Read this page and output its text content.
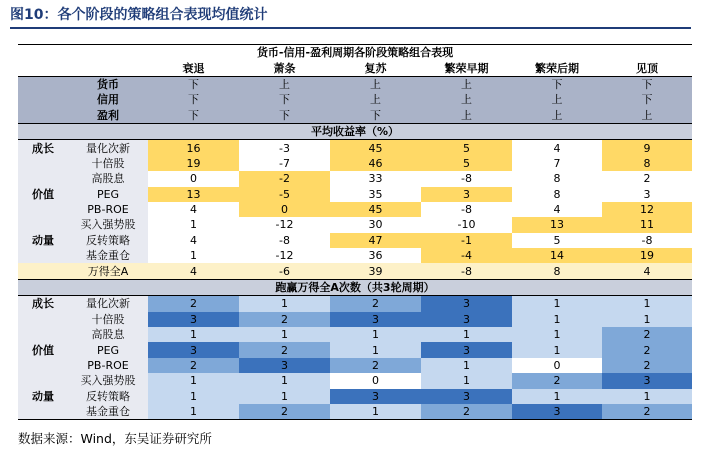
图10：各个阶段的策略组合表现均值统计
货币-信用-盈利周期各阶段策略组合表现							
		衰退	萧条	复苏	繁荣早期	繁荣后期	见顶
	货币	下	上	上	上	下	下
	信用	下	下	上	上	上	下
	盈利	下	下	下	上	上	上
平均收益率（%）							
成长	量化次新	16	-3	45	5	4	9
	十倍股	19	-7	46	5	7	8
	高股息	0	-2	33	-8	8	2
价值	PEG	13	-5	35	3	8	3
	PB-ROE	4	0	45	-8	4	12
	买入强势股	1	-12	30	-10	13	11
动量	反转策略	4	-8	47	-1	5	-8
	基金重仓	1	-12	36	-4	14	19
	万得全A	4	-6	39	-8	8	4
跑赢万得全A次数（共3轮周期）							
成长	量化次新	2	1	2	3	1	1
	十倍股	3	2	3	3	1	1
	高股息	1	1	1	1	1	2
价值	PEG	3	2	1	3	1	2
	PB-ROE	2	3	2	1	0	2
	买入强势股	1	1	0	1	2	3
动量	反转策略	1	1	3	3	1	1
	基金重仓	1	2	1	2	3	2
数据来源：Wind，东吴证券研究所
